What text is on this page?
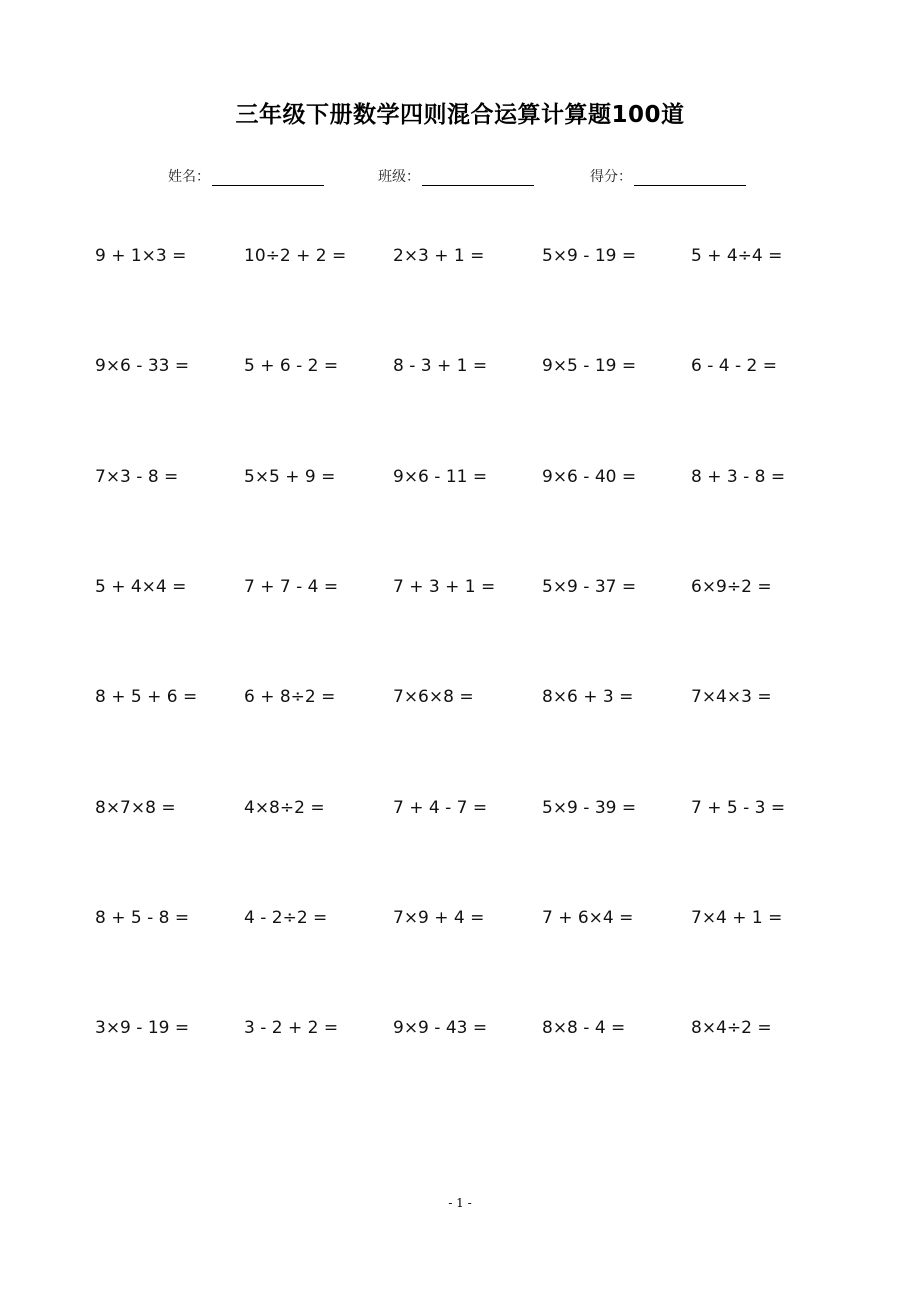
三年级下册数学四则混合运算计算题100道
姓名：	班级：	得分：
9 + 1×3 =	10÷2 + 2 =	2×3 + 1 =	5×9 - 19 =	5 + 4÷4 =
9×6 - 33 =	5 + 6 - 2 =	8 - 3 + 1 =	9×5 - 19 =	6 - 4 - 2 =
7×3 - 8 =	5×5 + 9 =	9×6 - 11 =	9×6 - 40 =	8 + 3 - 8 =
5 + 4×4 =	7 + 7 - 4 =	7 + 3 + 1 =	5×9 - 37 =	6×9÷2 =
8 + 5 + 6 =	6 + 8÷2 =	7×6×8 =	8×6 + 3 =	7×4×3 =
8×7×8 =	4×8÷2 =	7 + 4 - 7 =	5×9 - 39 =	7 + 5 - 3 =
8 + 5 - 8 =	4 - 2÷2 =	7×9 + 4 =	7 + 6×4 =	7×4 + 1 =
3×9 - 19 =	3 - 2 + 2 =	9×9 - 43 =	8×8 - 4 =	8×4÷2 =
- 1 -
